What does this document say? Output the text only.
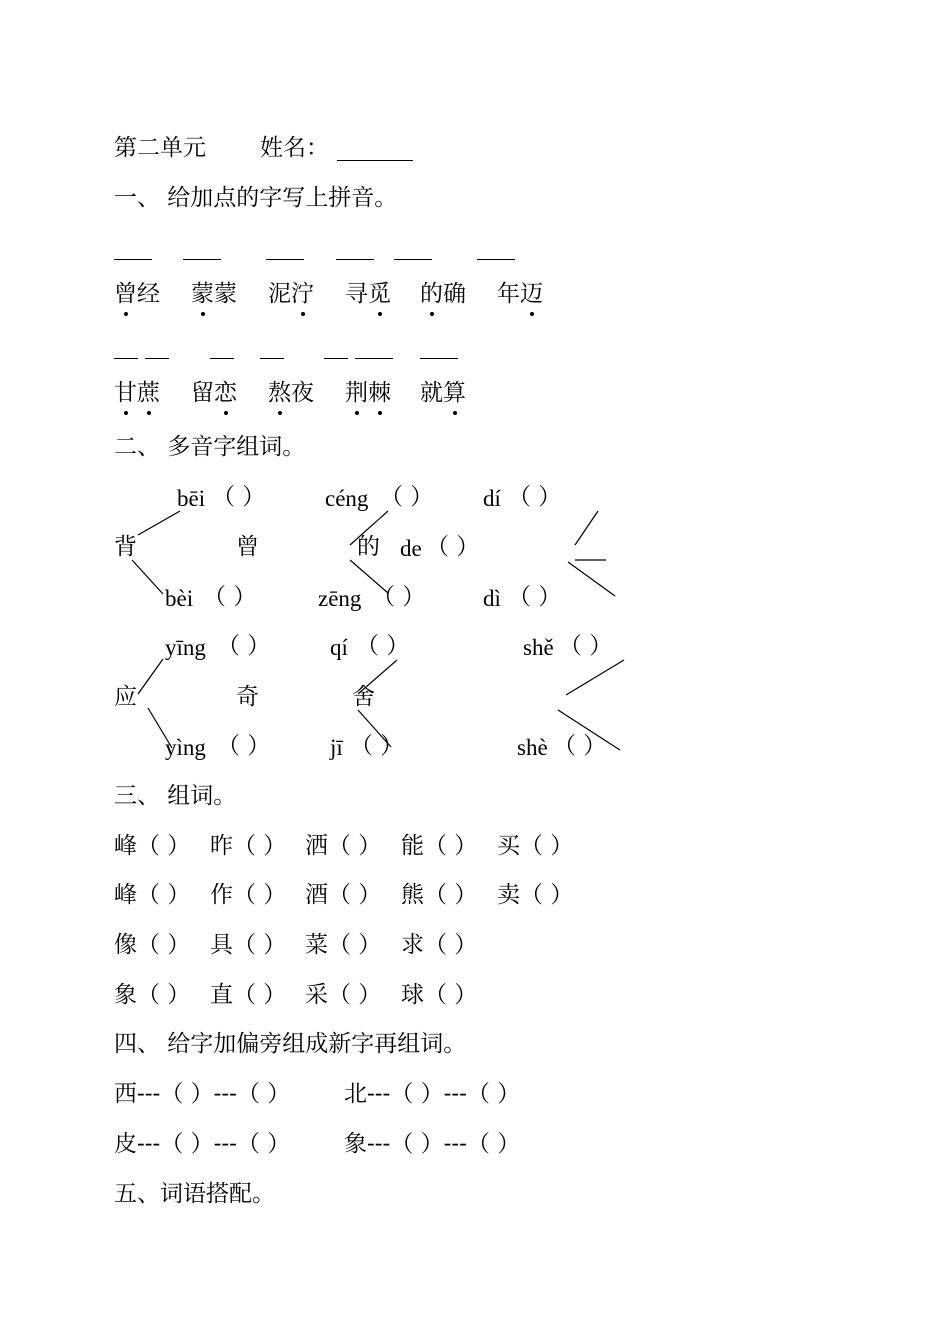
第二单元 姓名：
一、 给加点的字写上拼音。
曾经 蒙蒙 泥泞 寻觅 的确 年迈
甘蔗 留恋 熬夜 荆棘 就算
二、 多音字组词。
bēi （ ）	céng （ ） dí （ ）
背	曾	的 de （ ）
bèi （ ）	zēng （ ）	dì （ ）
yīng （ ）	qí （ ）	shě （ ）
应	奇	舍
yìng （ ）	jī （ ）	shè （ ）
三、 组词。
峰（ ） 昨（ ） 洒（ ） 能（ ） 买（ ）
峰（ ） 作（ ） 酒（ ） 熊（ ） 卖（ ）
像（ ） 具（ ） 菜（ ） 求（ ）
象（ ） 直（ ） 采（ ） 球（ ）
四、 给字加偏旁组成新字再组词。
西---（ ）---（ ） 北---（ ）---（ ）
皮---（ ）---（ ） 象---（ ）---（ ）
五、词语搭配。
